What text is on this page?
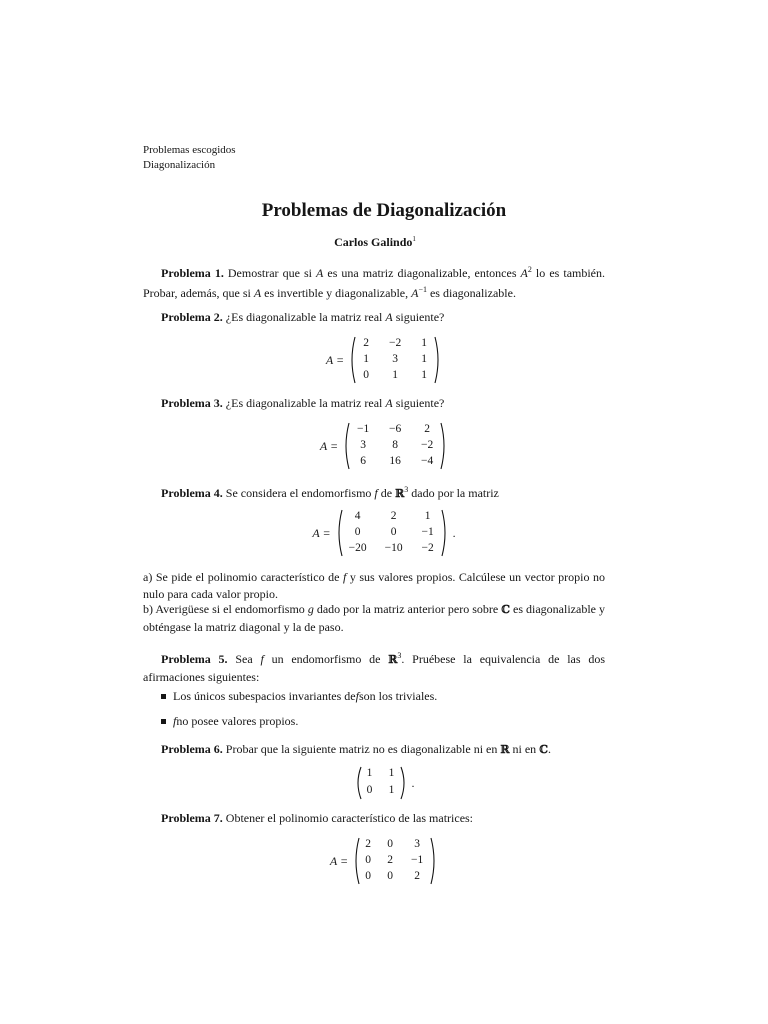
Problemas escogidos
Diagonalización
Problemas de Diagonalización
Carlos Galindo$^1$
Problema 1. Demostrar que si A es una matriz diagonalizable, entonces $A^2$ lo es también. Probar, además, que si A es invertible y diagonalizable, $A^{-1}$ es diagonalizable.
Problema 2. ¿Es diagonalizable la matriz real A siguiente?
A =
2	−2	1
1	3	1
0	1	1
Problema 3. ¿Es diagonalizable la matriz real A siguiente?
A =
−1	−6	2
3	8	−2
6	16	−4
Problema 4. Se considera el endomorfismo f de ℝ$^3$ dado por la matriz
A =
4	2	1
0	0	−1
−20	−10	−2
.
a) Se pide el polinomio característico de f y sus valores propios. Calcúlese un vector propio no nulo para cada valor propio.
b) Averigüese si el endomorfismo g dado por la matriz anterior pero sobre ℂ es diagonalizable y obténgase la matriz diagonal y la de paso.
Problema 5. Sea f un endomorfismo de ℝ$^3$. Pruébese la equivalencia de las dos afirmaciones siguientes:
Los únicos subespacios invariantes de f son los triviales.
f no posee valores propios.
Problema 6. Probar que la siguiente matriz no es diagonalizable ni en ℝ ni en ℂ.
1 1
0 1
.
Problema 7. Obtener el polinomio característico de las matrices:
A =
2 0	3
0 2	−1
0 0	2
